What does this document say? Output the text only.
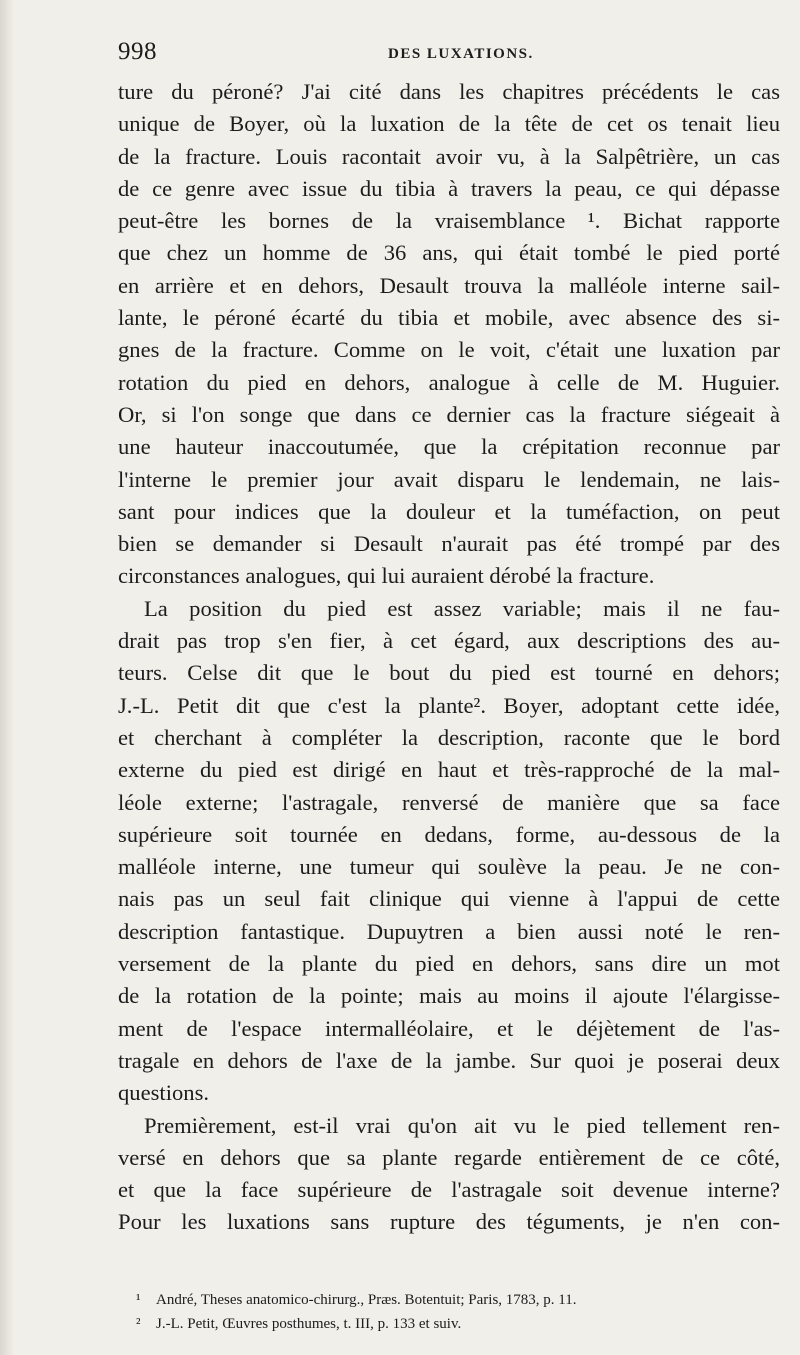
998	DES LUXATIONS.
ture du péroné? J'ai cité dans les chapitres précédents le cas
unique de Boyer, où la luxation de la tête de cet os tenait lieu
de la fracture. Louis racontait avoir vu, à la Salpêtrière, un cas
de ce genre avec issue du tibia à travers la peau, ce qui dépasse
peut-être les bornes de la vraisemblance ¹. Bichat rapporte
que chez un homme de 36 ans, qui était tombé le pied porté
en arrière et en dehors, Desault trouva la malléole interne sail-
lante, le péroné écarté du tibia et mobile, avec absence des si-
gnes de la fracture. Comme on le voit, c'était une luxation par
rotation du pied en dehors, analogue à celle de M. Huguier.
Or, si l'on songe que dans ce dernier cas la fracture siégeait à
une hauteur inaccoutumée, que la crépitation reconnue par
l'interne le premier jour avait disparu le lendemain, ne lais-
sant pour indices que la douleur et la tuméfaction, on peut
bien se demander si Desault n'aurait pas été trompé par des
circonstances analogues, qui lui auraient dérobé la fracture.
La position du pied est assez variable; mais il ne fau-
drait pas trop s'en fier, à cet égard, aux descriptions des au-
teurs. Celse dit que le bout du pied est tourné en dehors;
J.-L. Petit dit que c'est la plante². Boyer, adoptant cette idée,
et cherchant à compléter la description, raconte que le bord
externe du pied est dirigé en haut et très-rapproché de la mal-
léole externe; l'astragale, renversé de manière que sa face
supérieure soit tournée en dedans, forme, au-dessous de la
malléole interne, une tumeur qui soulève la peau. Je ne con-
nais pas un seul fait clinique qui vienne à l'appui de cette
description fantastique. Dupuytren a bien aussi noté le ren-
versement de la plante du pied en dehors, sans dire un mot
de la rotation de la pointe; mais au moins il ajoute l'élargisse-
ment de l'espace intermalléolaire, et le déjètement de l'as-
tragale en dehors de l'axe de la jambe. Sur quoi je poserai deux
questions.
Premièrement, est-il vrai qu'on ait vu le pied tellement ren-
versé en dehors que sa plante regarde entièrement de ce côté,
et que la face supérieure de l'astragale soit devenue interne?
Pour les luxations sans rupture des téguments, je n'en con-
¹ André, Theses anatomico-chirurg., Præs. Botentuit; Paris, 1783, p. 11.
² J.-L. Petit, Œuvres posthumes, t. III, p. 133 et suiv.
